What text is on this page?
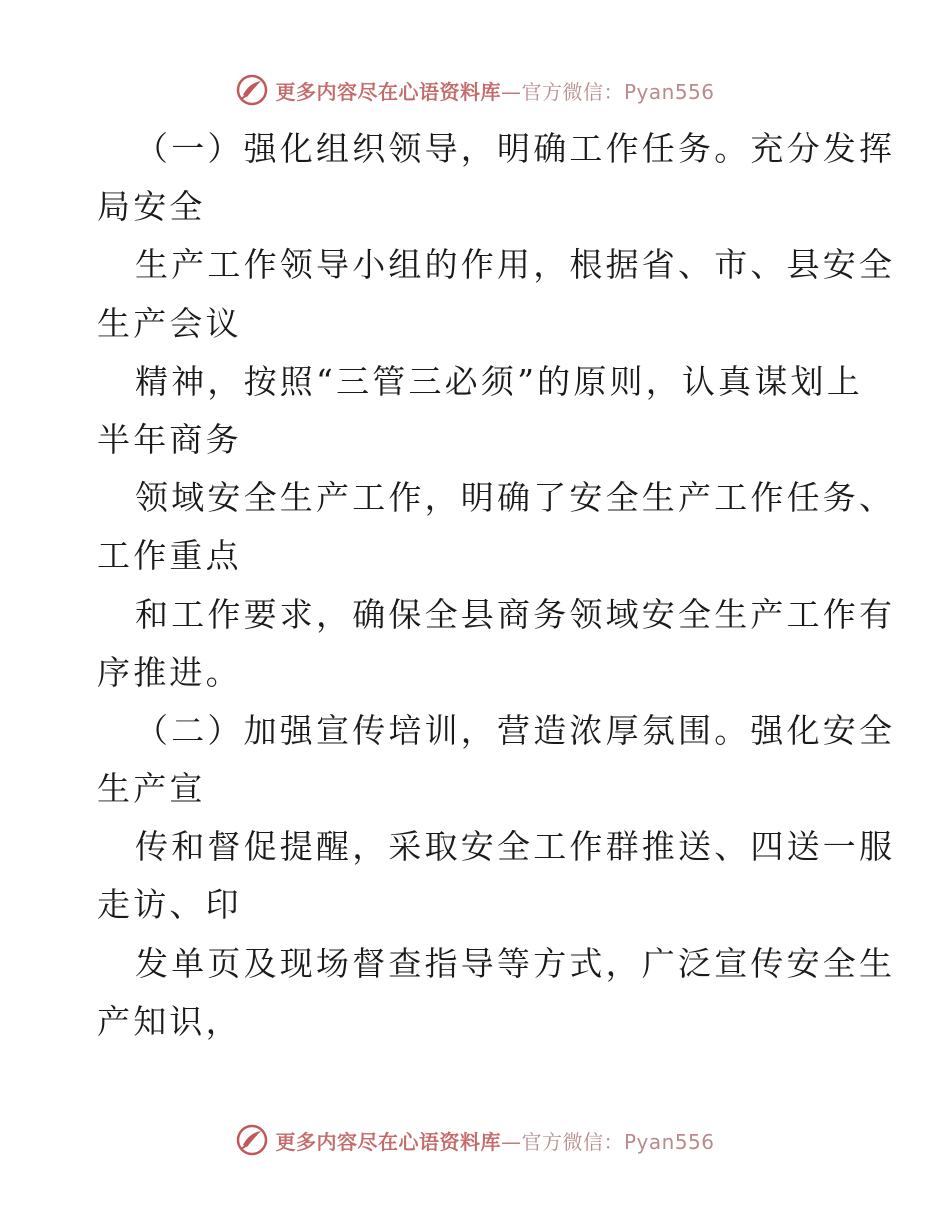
更多内容尽在心语资料库—官方微信：Pyan556
（一）强化组织领导，明确工作任务。充分发挥
局安全
生产工作领导小组的作用，根据省、市、县安全
生产会议
精神，按照“三管三必须”的原则，认真谋划上
半年商务
领域安全生产工作，明确了安全生产工作任务、
工作重点
和工作要求，确保全县商务领域安全生产工作有
序推进。
（二）加强宣传培训，营造浓厚氛围。强化安全
生产宣
传和督促提醒，采取安全工作群推送、四送一服
走访、印
发单页及现场督查指导等方式，广泛宣传安全生
产知识，
更多内容尽在心语资料库—官方微信：Pyan556
